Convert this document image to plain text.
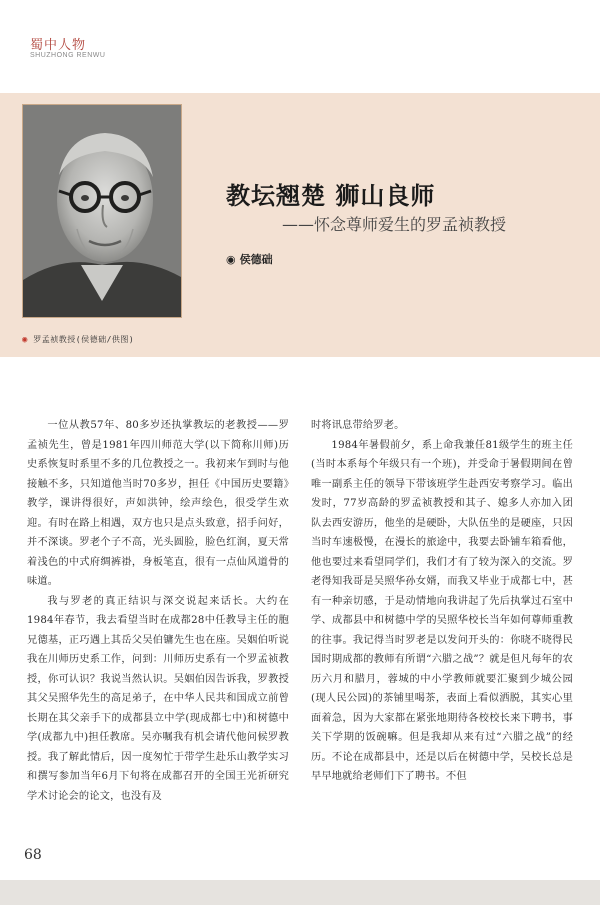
蜀中人物
SHUZHONG RENWU
◉ 罗孟祯教授(侯德础/供图)
教坛翘楚 狮山良师
——怀念尊师爱生的罗孟祯教授
◉ 侯德础

一位从教57年、80多岁还执掌教坛的老教授——罗孟祯先生，曾是1981年四川师范大学(以下简称川师)历史系恢复时系里不多的几位教授之一。我初来乍到时与他接触不多，只知道他当时70多岁，担任《中国历史要籍》教学，课讲得很好，声如洪钟，绘声绘色，很受学生欢迎。有时在路上相遇，双方也只是点头致意，招手问好，并不深谈。罗老个子不高，光头圆脸，脸色红润，夏天常着浅色的中式府绸裤褂，身板笔直，很有一点仙风道骨的味道。

我与罗老的真正结识与深交说起来话长。大约在1984年春节，我去看望当时在成都28中任教导主任的胞兄德基，正巧遇上其岳父吴伯镛先生也在座。吴姻伯听说我在川师历史系工作，问到：川师历史系有一个罗孟祯教授，你可认识？我说当然认识。吴姻伯因告诉我，罗教授其父吴照华先生的高足弟子，在中华人民共和国成立前曾长期在其父亲手下的成都县立中学(现成都七中)和树德中学(成都九中)担任教席。吴亦嘱我有机会请代他问候罗教授。我了解此情后，因一度匆忙于带学生赴乐山教学实习和撰写参加当年6月下旬将在成都召开的全国王光祈研究学术讨论会的论文，也没有及

时将讯息带给罗老。

1984年暑假前夕，系上命我兼任81级学生的班主任(当时本系每个年级只有一个班)，并受命于暑假期间在曾唯一副系主任的领导下带该班学生赴西安考察学习。临出发时，77岁高龄的罗孟祯教授和其子、媳多人亦加入团队去西安游历，他坐的是硬卧，大队伍坐的是硬座，只因当时车速极慢，在漫长的旅途中，我要去卧铺车箱看他，他也要过来看望同学们，我们才有了较为深入的交流。罗老得知我哥是吴照华孙女婿，而我又毕业于成都七中，甚有一种亲切感，于是动情地向我讲起了先后执掌过石室中学、成都县中和树德中学的吴照华校长当年如何尊师重教的往事。我记得当时罗老是以发问开头的：你晓不晓得民国时期成都的教师有所谓“六腊之战”？就是但凡每年的农历六月和腊月，蓉城的中小学教师就要汇聚到少城公园(现人民公园)的茶铺里喝茶，表面上看似洒脱，其实心里面着急，因为大家都在紧张地期待各校校长来下聘书，事关下学期的饭碗嘛。但是我却从来有过“六腊之战”的经历。不论在成都县中，还是以后在树德中学，吴校长总是早早地就给老师们下了聘书。不但

68
